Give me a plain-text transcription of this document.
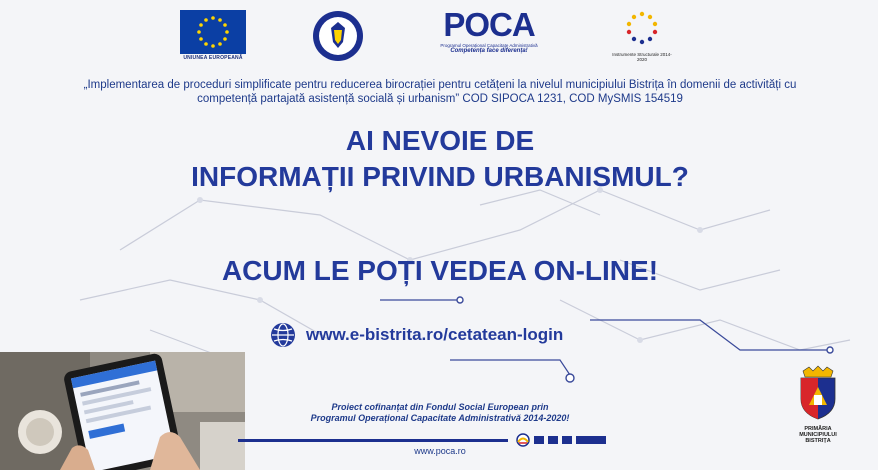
UNIUNEA EUROPEANĂ
POCA
Programul Operațional Capacitate Administrativă
Competența face diferența!
Instrumente Structurale 2014-2020
„Implementarea de proceduri simplificate pentru reducerea birocrației pentru cetățeni la nivelul municipiului Bistrița în domenii de activități cu competență partajată asistență socială și urbanism” COD SIPOCA 1231, COD MySMIS 154519
AI NEVOIE DE
INFORMAȚII PRIVIND URBANISMUL?
ACUM LE POȚI VEDEA ON-LINE!
www.e-bistrita.ro/cetatean-login
Proiect cofinanțat din Fondul Social European prin
Programul Operațional Capacitate Administrativă 2014-2020!
www.poca.ro
PRIMĂRIA MUNICIPIULUI BISTRIȚA
